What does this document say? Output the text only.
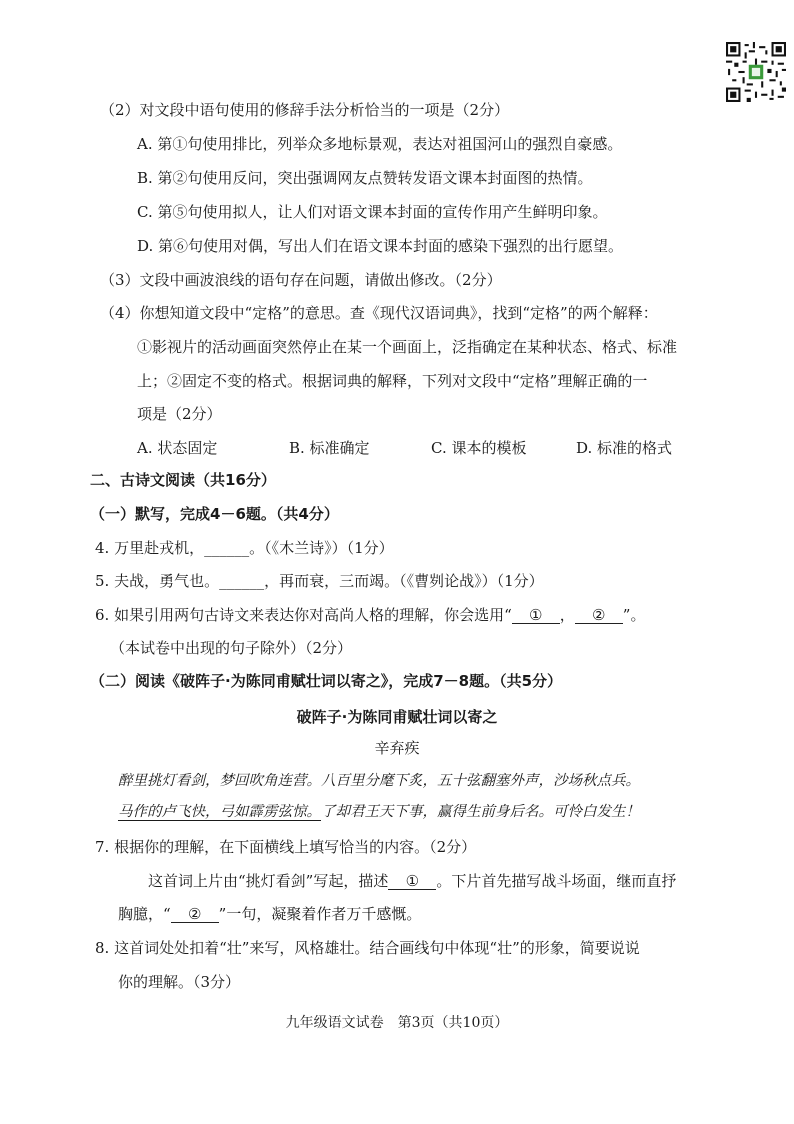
（2）对文段中语句使用的修辞手法分析恰当的一项是（2分）
A. 第①句使用排比，列举众多地标景观，表达对祖国河山的强烈自豪感。
B. 第②句使用反问，突出强调网友点赞转发语文课本封面图的热情。
C. 第⑤句使用拟人，让人们对语文课本封面的宣传作用产生鲜明印象。
D. 第⑥句使用对偶，写出人们在语文课本封面的感染下强烈的出行愿望。
（3）文段中画波浪线的语句存在问题，请做出修改。（2分）
（4）你想知道文段中“定格”的意思。查《现代汉语词典》，找到“定格”的两个解释：
①影视片的活动画面突然停止在某一个画面上，泛指确定在某种状态、格式、标准
上；②固定不变的格式。根据词典的解释，下列对文段中“定格”理解正确的一
项是（2分）
A. 状态固定	B. 标准确定	C. 课本的模板	D. 标准的格式
二、古诗文阅读（共16分）
（一）默写，完成4－6题。（共4分）
4. 万里赴戎机，______。（《木兰诗》）（1分）
5. 夫战，勇气也。______，再而衰，三而竭。（《曹刿论战》）（1分）
6. 如果引用两句古诗文来表达你对高尚人格的理解，你会选用“ ① ， ② ”。
（本试卷中出现的句子除外）（2分）
（二）阅读《破阵子·为陈同甫赋壮词以寄之》，完成7－8题。（共5分）
破阵子·为陈同甫赋壮词以寄之
辛弃疾
醉里挑灯看剑，梦回吹角连营。八百里分麾下炙，五十弦翻塞外声，沙场秋点兵。
马作的卢飞快，弓如霹雳弦惊。了却君王天下事，赢得生前身后名。可怜白发生！
7. 根据你的理解，在下面横线上填写恰当的内容。（2分）
这首词上片由“挑灯看剑”写起，描述 ① 。下片首先描写战斗场面，继而直抒
胸臆，“ ② ”一句，凝聚着作者万千感慨。
8. 这首词处处扣着“壮”来写，风格雄壮。结合画线句中体现“壮”的形象，简要说说
你的理解。（3分）
九年级语文试卷　第3页（共10页）
